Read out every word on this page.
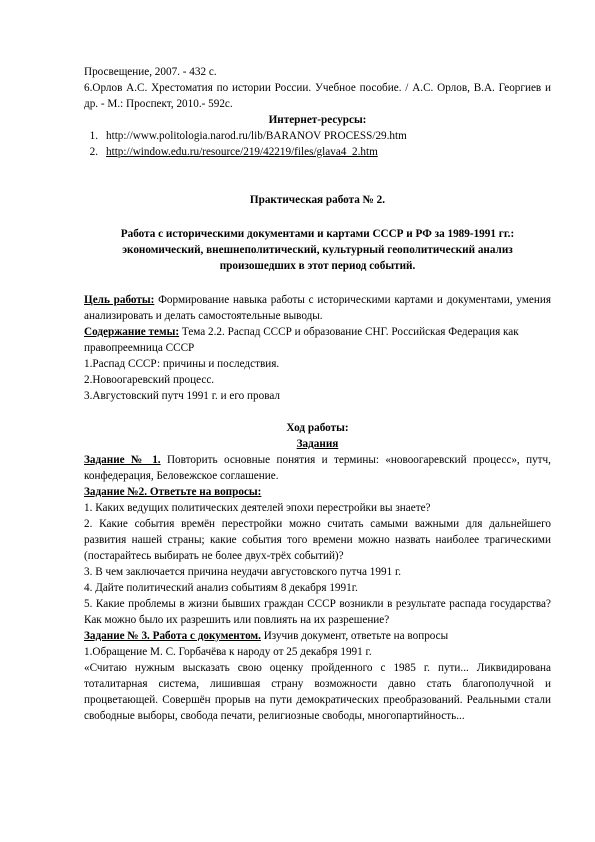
Просвещение, 2007. - 432 с.

6.Орлов А.С. Хрестоматия по истории России. Учебное пособие. / А.С. Орлов, В.А. Георгиев и др. - М.: Проспект, 2010.- 592с.

Интернет-ресурсы:

1. http://www.politologia.narod.ru/lib/BARANOV PROCESS/29.htm
2. http://window.edu.ru/resource/219/42219/files/glava4_2.htm

Практическая работа № 2.

Работа с историческими документами и картами СССР и РФ за 1989-1991 гг.: экономический, внешнеполитический, культурный геополитический анализ произошедших в этот период событий.

Цель работы: Формирование навыка работы с историческими картами и документами, умения анализировать и делать самостоятельные выводы.

Содержание темы: Тема 2.2. Распад СССР и образование СНГ. Российская Федерация как правопреемница СССР

1.Распад СССР: причины и последствия.

2.Новоогаревский процесс.

3.Августовский путч 1991 г. и его провал

Ход работы:

Задания

Задание № 1. Повторить основные понятия и термины: «новоогаревский процесс», путч, конфедерация, Беловежское соглашение.

Задание №2. Ответьте на вопросы:

1. Каких ведущих политических деятелей эпохи перестройки вы знаете?

2. Какие события времён перестройки можно считать самыми важными для дальнейшего развития нашей страны; какие события того времени можно назвать наиболее трагическими (постарайтесь выбирать не более двух-трёх событий)?

3. В чем заключается причина неудачи августовского путча 1991 г.

4. Дайте политический анализ событиям 8 декабря 1991г.

5. Какие проблемы в жизни бывших граждан СССР возникли в результате распада государства? Как можно было их разрешить или повлиять на их разрешение?

Задание № 3. Работа с документом. Изучив документ, ответьте на вопросы

1.Обращение М. С. Горбачёва к народу от 25 декабря 1991 г.

«Считаю нужным высказать свою оценку пройденного с 1985 г. пути... Ликвидирована тоталитарная система, лишившая страну возможности давно стать благополучной и процветающей. Совершён прорыв на пути демократических преобразований. Реальными стали свободные выборы, свобода печати, религиозные свободы, многопартийность...
